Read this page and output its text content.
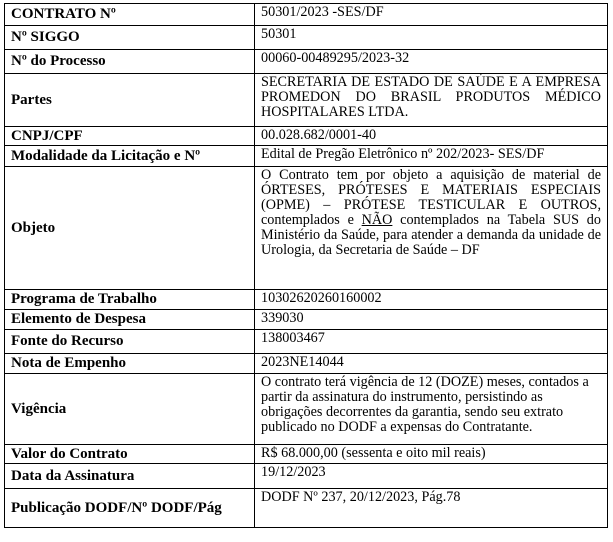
CONTRATO Nº	50301/2023 -SES/DF
Nº SIGGO	50301
Nº do Processo	00060-00489295/2023-32
Partes	SECRETARIA DE ESTADO DE SAÚDE E A EMPRESA PROMEDON DO BRASIL PRODUTOS MÉDICO HOSPITALARES LTDA.
CNPJ/CPF	00.028.682/0001-40
Modalidade da Licitação e Nº	Edital de Pregão Eletrônico nº 202/2023- SES/DF
Objeto	O Contrato tem por objeto a aquisição de material de ÓRTESES, PRÓTESES E MATERIAIS ESPECIAIS (OPME) – PRÓTESE TESTICULAR E OUTROS, contemplados e NÃO contemplados na Tabela SUS do Ministério da Saúde, para atender a demanda da unidade de Urologia, da Secretaria de Saúde – DF
Programa de Trabalho	10302620260160002
Elemento de Despesa	339030
Fonte do Recurso	138003467
Nota de Empenho	2023NE14044
Vigência	O contrato terá vigência de 12 (DOZE) meses, contados a partir da assinatura do instrumento, persistindo as obrigações decorrentes da garantia, sendo seu extrato publicado no DODF a expensas do Contratante.
Valor do Contrato	R$ 68.000,00 (sessenta e oito mil reais)
Data da Assinatura	19/12/2023
Publicação DODF/Nº DODF/Pág	DODF Nº 237, 20/12/2023, Pág.78
